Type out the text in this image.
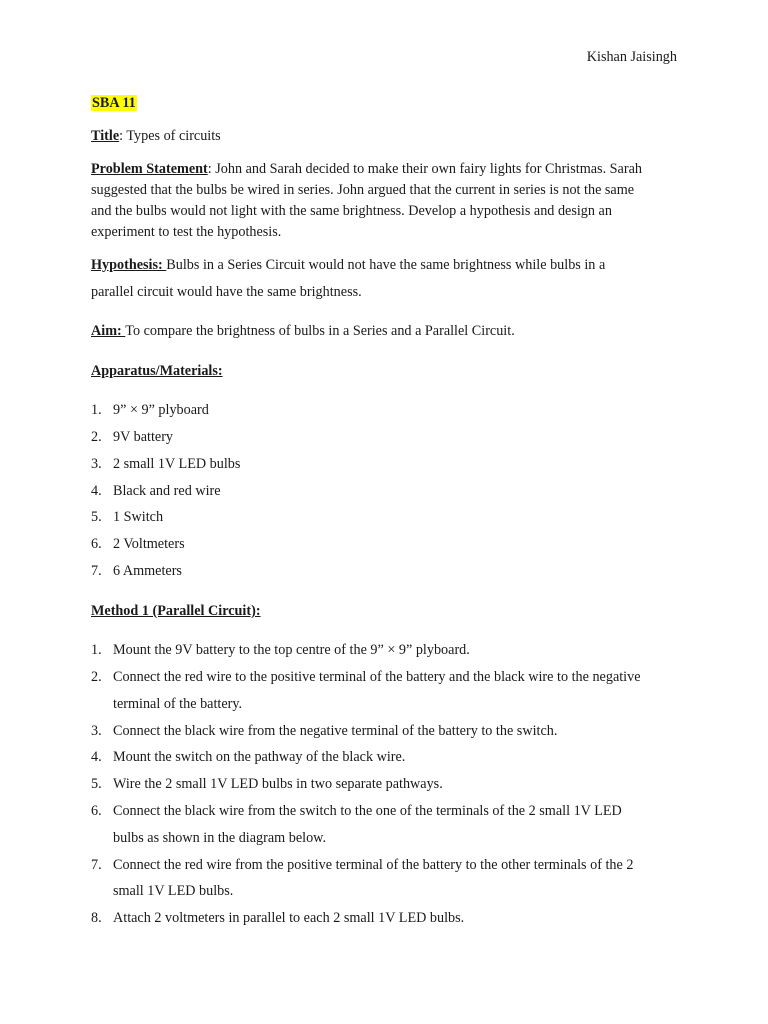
Kishan Jaisingh
SBA 11
Title: Types of circuits
Problem Statement: John and Sarah decided to make their own fairy lights for Christmas. Sarah
suggested that the bulbs be wired in series. John argued that the current in series is not the same
and the bulbs would not light with the same brightness. Develop a hypothesis and design an
experiment to test the hypothesis.
Hypothesis: Bulbs in a Series Circuit would not have the same brightness while bulbs in a
parallel circuit would have the same brightness.
Aim: To compare the brightness of bulbs in a Series and a Parallel Circuit.
Apparatus/Materials:
1. 9” × 9” plyboard
2. 9V battery
3. 2 small 1V LED bulbs
4. Black and red wire
5. 1 Switch
6. 2 Voltmeters
7. 6 Ammeters
Method 1 (Parallel Circuit):
1. Mount the 9V battery to the top centre of the 9” × 9” plyboard.
2. Connect the red wire to the positive terminal of the battery and the black wire to the negative
terminal of the battery.
3. Connect the black wire from the negative terminal of the battery to the switch.
4. Mount the switch on the pathway of the black wire.
5. Wire the 2 small 1V LED bulbs in two separate pathways.
6. Connect the black wire from the switch to the one of the terminals of the 2 small 1V LED
bulbs as shown in the diagram below.
7. Connect the red wire from the positive terminal of the battery to the other terminals of the 2
small 1V LED bulbs.
8. Attach 2 voltmeters in parallel to each 2 small 1V LED bulbs.
